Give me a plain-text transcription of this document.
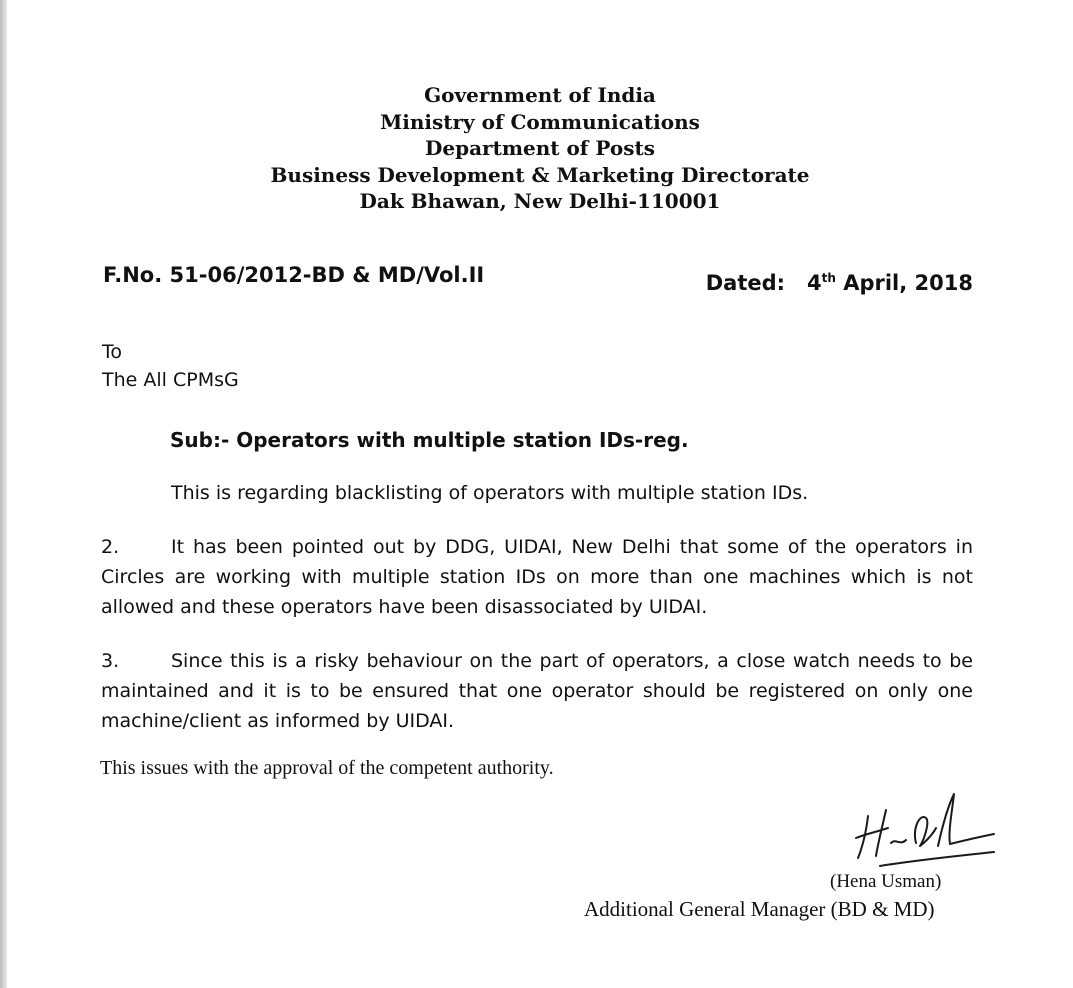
Government of India
Ministry of Communications
Department of Posts
Business Development & Marketing Directorate
Dak Bhawan, New Delhi-110001
F.No. 51-06/2012-BD & MD/Vol.II	Dated: 4th April, 2018
To
The All CPMsG
Sub:- Operators with multiple station IDs-reg.
This is regarding blacklisting of operators with multiple station IDs.
2.	It has been pointed out by DDG, UIDAI, New Delhi that some of the operators in Circles are working with multiple station IDs on more than one machines which is not allowed and these operators have been disassociated by UIDAI.
3.	Since this is a risky behaviour on the part of operators, a close watch needs to be maintained and it is to be ensured that one operator should be registered on only one machine/client as informed by UIDAI.
This issues with the approval of the competent authority.
(Hena Usman)
Additional General Manager (BD & MD)
